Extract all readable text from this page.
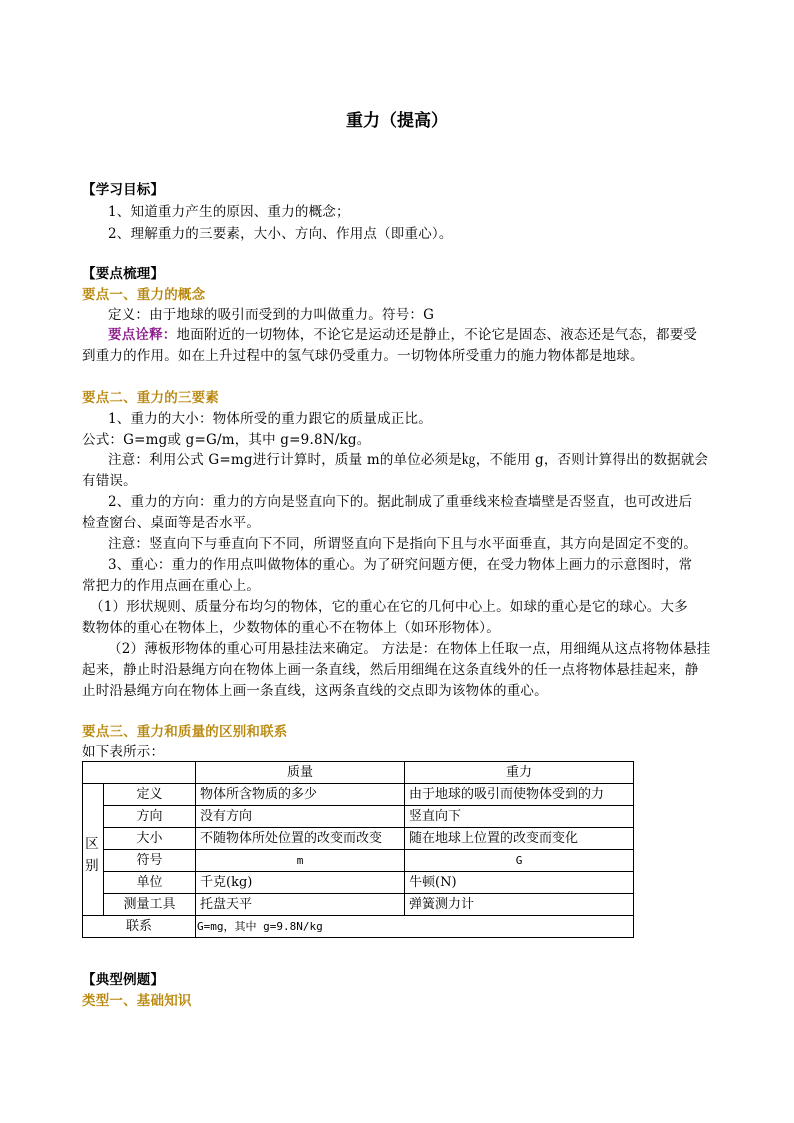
重力（提高）
【学习目标】
1、知道重力产生的原因、重力的概念；
2、理解重力的三要素，大小、方向、作用点（即重心）。
【要点梳理】
要点一、重力的概念
定义：由于地球的吸引而受到的力叫做重力。符号：G
要点诠释：地面附近的一切物体，不论它是运动还是静止，不论它是固态、液态还是气态，都要受
到重力的作用。如在上升过程中的氢气球仍受重力。一切物体所受重力的施力物体都是地球。
要点二、重力的三要素
1、重力的大小：物体所受的重力跟它的质量成正比。
公式：G=mg或 g=G/m，其中 g=9.8N/kg。
注意：利用公式 G=mg进行计算时，质量 m的单位必须是㎏，不能用 g，否则计算得出的数据就会
有错误。
2、重力的方向：重力的方向是竖直向下的。据此制成了重垂线来检查墙壁是否竖直，也可改进后
检查窗台、桌面等是否水平。
注意：竖直向下与垂直向下不同，所谓竖直向下是指向下且与水平面垂直，其方向是固定不变的。
3、重心：重力的作用点叫做物体的重心。为了研究问题方便，在受力物体上画力的示意图时，常
常把力的作用点画在重心上。
（1）形状规则、质量分布均匀的物体，它的重心在它的几何中心上。如球的重心是它的球心。大多
数物体的重心在物体上，少数物体的重心不在物体上（如环形物体）。
（2）薄板形物体的重心可用悬挂法来确定。 方法是：在物体上任取一点，用细绳从这点将物体悬挂
起来，静止时沿悬绳方向在物体上画一条直线，然后用细绳在这条直线外的任一点将物体悬挂起来，静
止时沿悬绳方向在物体上画一条直线，这两条直线的交点即为该物体的重心。
要点三、重力和质量的区别和联系
如下表所示：
		质量	重力
	定义	物体所含物质的多少	由于地球的吸引而使物体受到的力
	方向	没有方向	竖直向下
	大小	不随物体所处位置的改变而改变	随在地球上位置的改变而变化
	符号	m	G
	单位	千克(kg)	牛顿(N)
	测量工具	托盘天平	弹簧测力计
联系		G=mg，其中 g=9.8N/kg	
区
别
【典型例题】
类型一、基础知识
